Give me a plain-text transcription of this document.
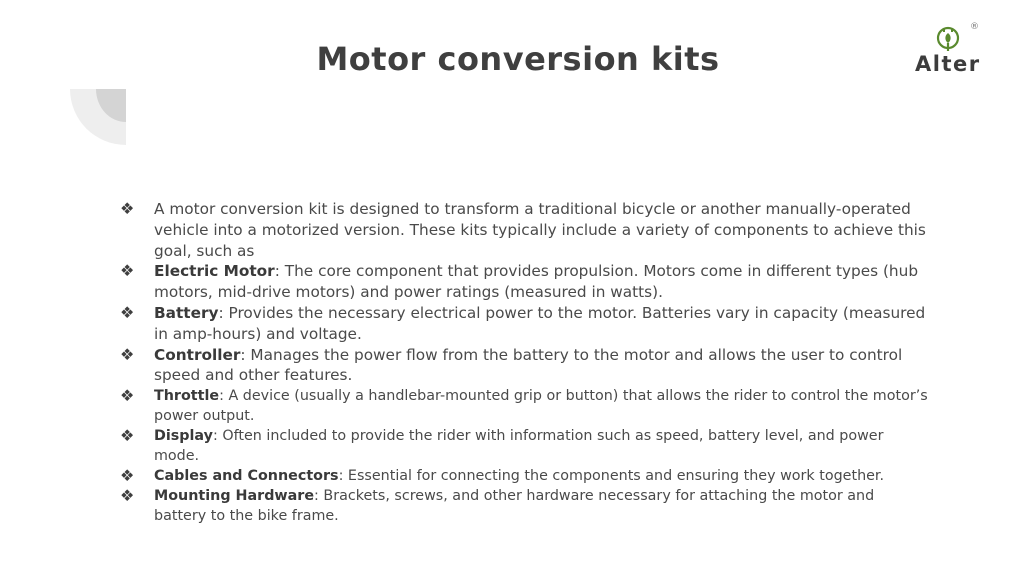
Motor conversion kits
®
Alter
❖	A motor conversion kit is designed to transform a traditional bicycle or another manually-operated vehicle into a motorized version. These kits typically include a variety of components to achieve this goal, such as
❖	Electric Motor: The core component that provides propulsion. Motors come in different types (hub motors, mid-drive motors) and power ratings (measured in watts).
❖	Battery: Provides the necessary electrical power to the motor. Batteries vary in capacity (measured in amp-hours) and voltage.
❖	Controller: Manages the power flow from the battery to the motor and allows the user to control speed and other features.
❖	Throttle: A device (usually a handlebar-mounted grip or button) that allows the rider to control the motor’s power output.
❖	Display: Often included to provide the rider with information such as speed, battery level, and power mode.
❖	Cables and Connectors: Essential for connecting the components and ensuring they work together.
❖	Mounting Hardware: Brackets, screws, and other hardware necessary for attaching the motor and battery to the bike frame.
